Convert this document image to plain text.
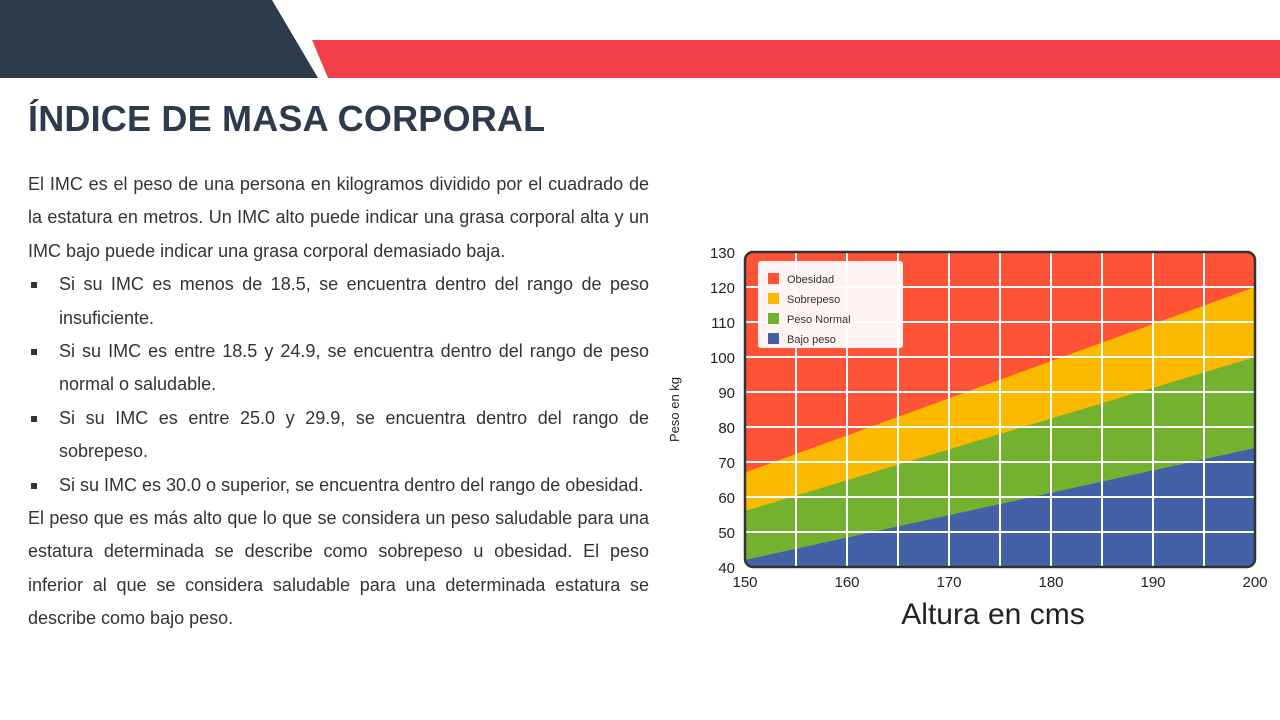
ÍNDICE DE MASA CORPORAL

El IMC es el peso de una persona en kilogramos dividido por el cuadrado de la estatura en metros. Un IMC alto puede indicar una grasa corporal alta y un IMC bajo puede indicar una grasa corporal demasiado baja.

Si su IMC es menos de 18.5, se encuentra dentro del rango de peso insuficiente.
Si su IMC es entre 18.5 y 24.9, se encuentra dentro del rango de peso normal o saludable.
Si su IMC es entre 25.0 y 29.9, se encuentra dentro del rango de sobrepeso.
Si su IMC es 30.0 o superior, se encuentra dentro del rango de obesidad.

El peso que es más alto que lo que se considera un peso saludable para una estatura determinada se describe como sobrepeso u obesidad. El peso inferior al que se considera saludable para una determinada estatura se describe como bajo peso.

40
50
60
70
80
90
100
110
120
130
150	160	170	180	190	200
Altura en cms
Peso en kg
Obesidad
Sobrepeso
Peso Normal
Bajo peso
